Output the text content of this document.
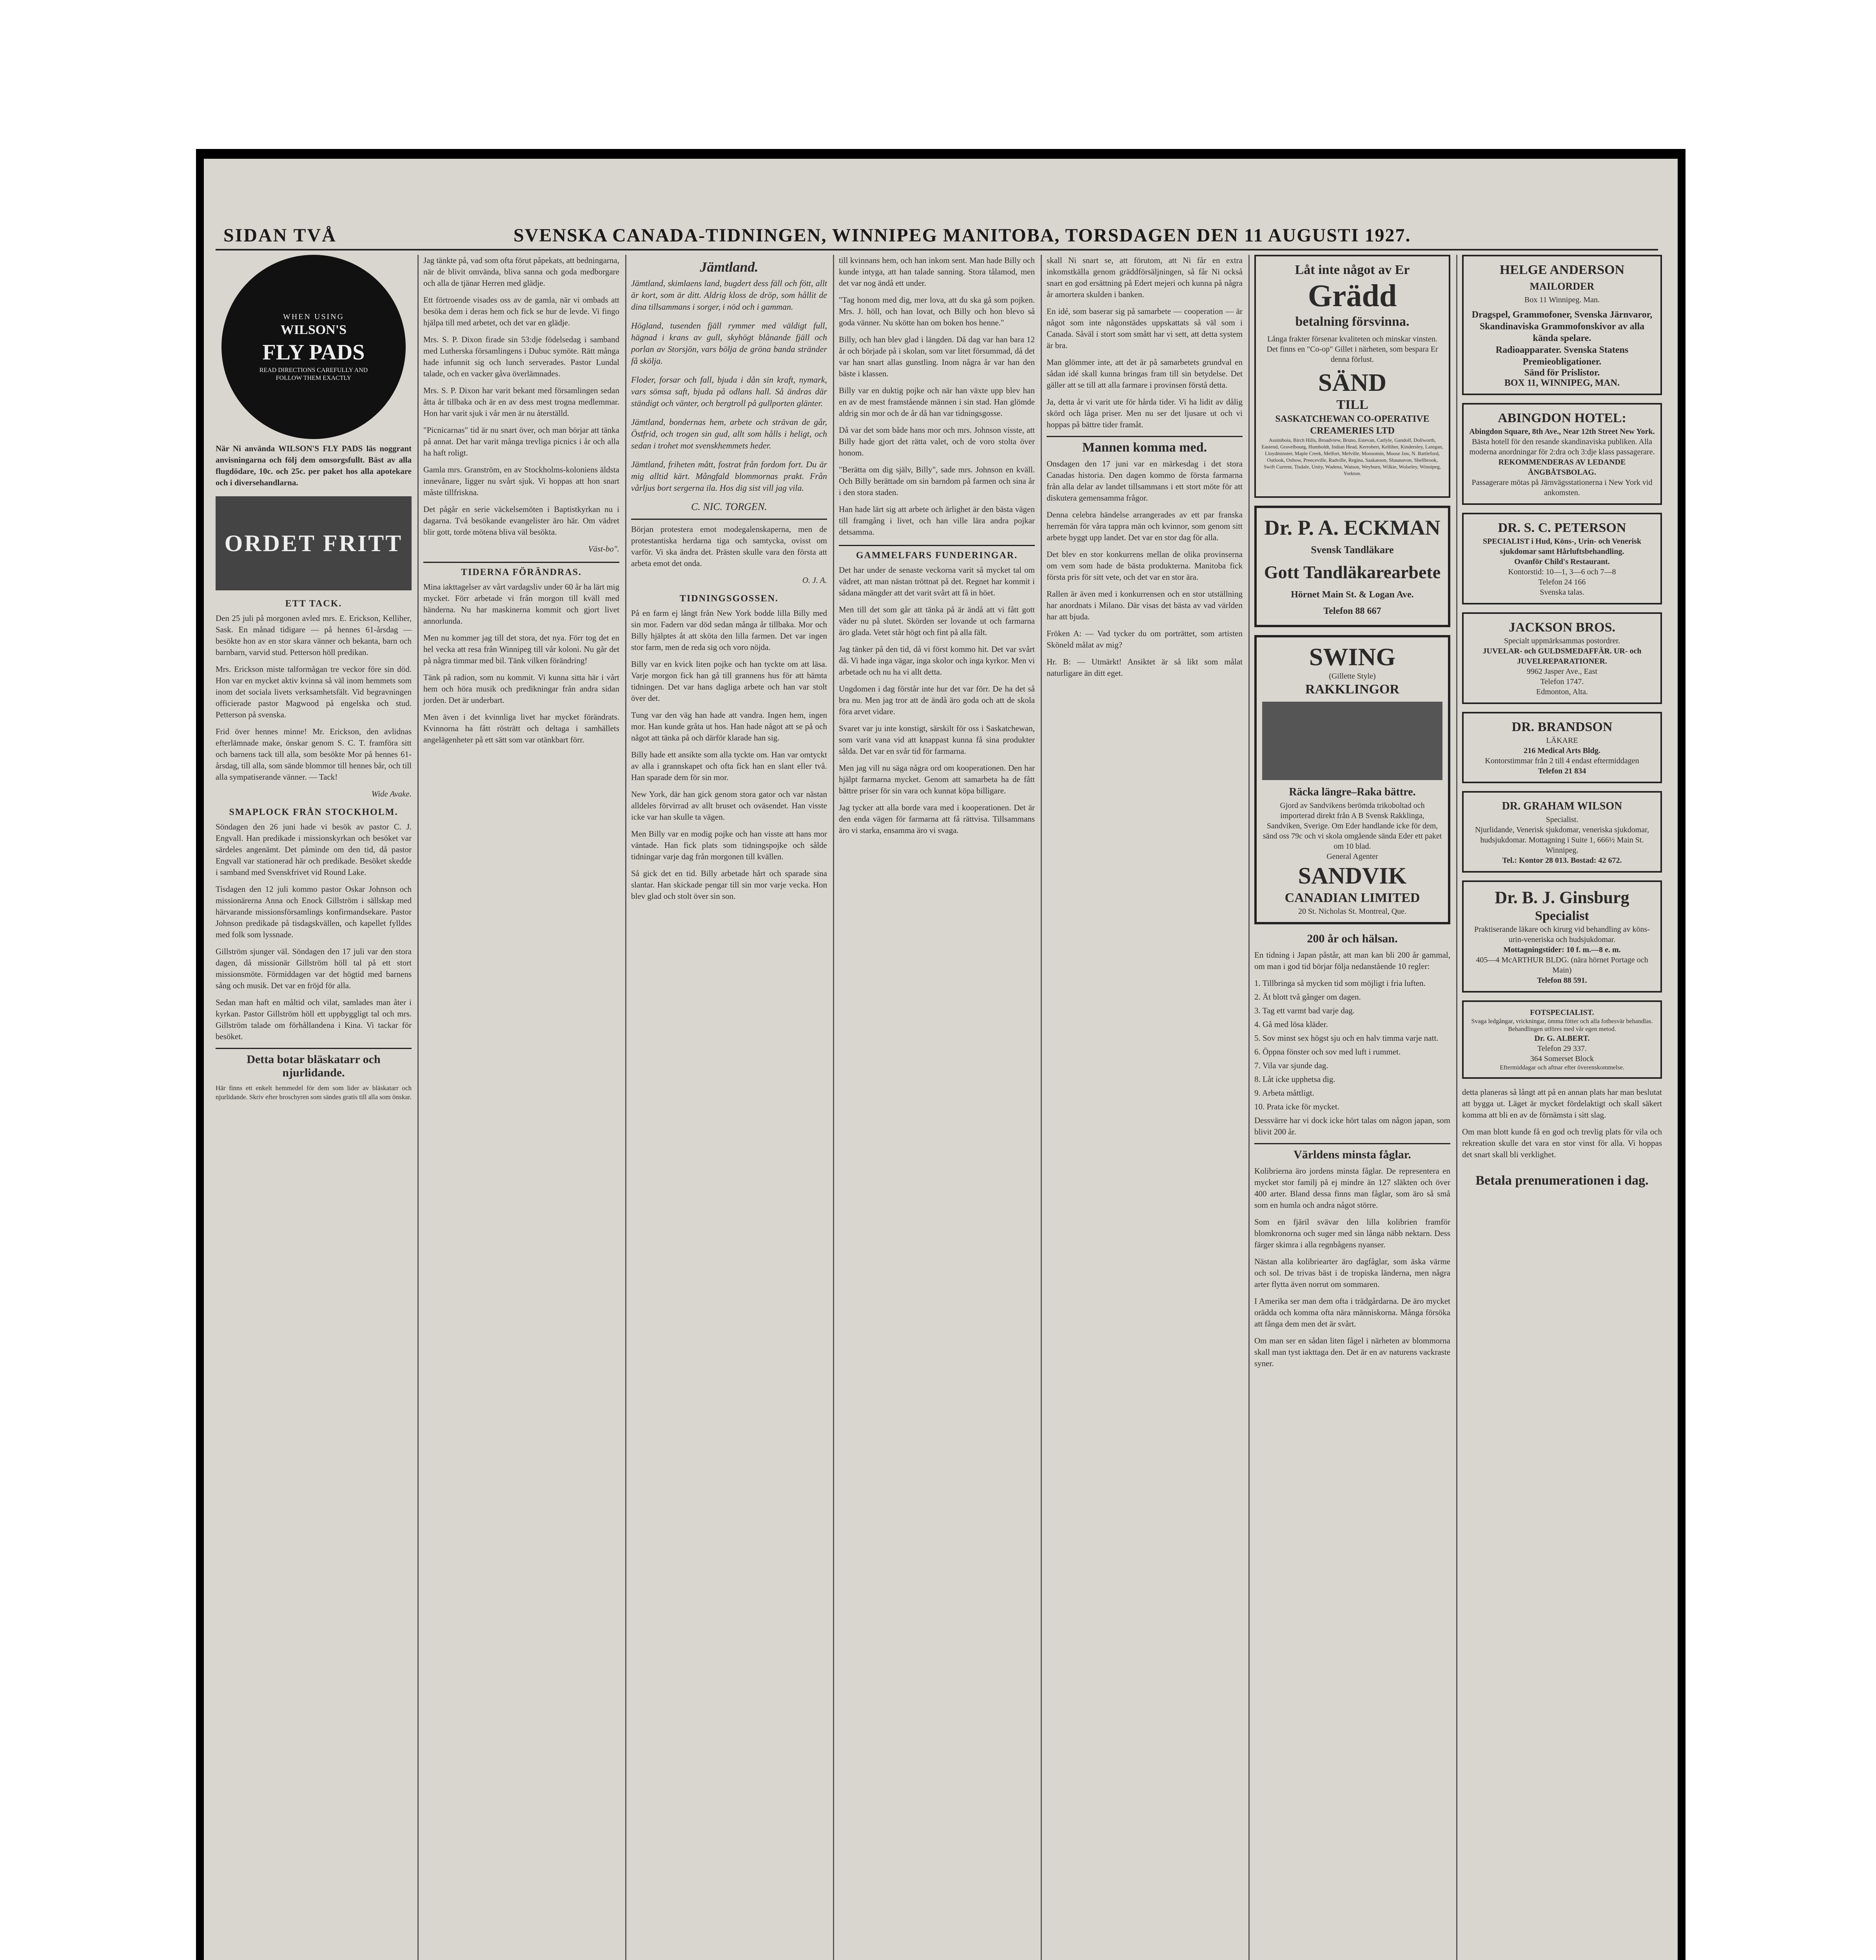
SIDAN TVÅ	SVENSKA CANADA-TIDNINGEN, WINNIPEG MANITOBA, TORSDAGEN DEN 11 AUGUSTI 1927.
WHEN USING
WILSON'S
FLY PADS
READ DIRECTIONS CAREFULLY AND FOLLOW THEM EXACTLY

När Ni använda WILSON'S FLY PADS läs noggrant anvisningarna och följ dem omsorgsfullt. Bäst av alla flugdödare, 10c. och 25c. per paket hos alla apotekare och i diversehandlarna.

ORDET FRITT
ETT TACK.

Den 25 juli på morgonen avled mrs. E. Erickson, Kelliher, Sask. En månad tidigare — på hennes 61-årsdag — besökte hon av en stor skara vänner och bekanta, barn och barnbarn, varvid stud. Petterson höll predikan.

Mrs. Erickson miste talformågan tre veckor före sin död. Hon var en mycket aktiv kvinna så väl inom hemmets som inom det sociala livets verksamhetsfält. Vid begravningen officierade pastor Magwood på engelska och stud. Petterson på svenska.

Frid över hennes minne! Mr. Erickson, den avlidnas efterlämnade make, önskar genom S. C. T. framföra sitt och barnens tack till alla, som besökte Mor på hennes 61-årsdag, till alla, som sände blommor till hennes bår, och till alla sympatiserande vänner. — Tack!

Wide Avake.

SMAPLOCK FRÅN STOCKHOLM.

Söndagen den 26 juni hade vi besök av pastor C. J. Engvall. Han predikade i missionskyrkan och besöket var särdeles angenämt. Det påminde om den tid, då pastor Engvall var stationerad här och predikade. Besöket skedde i samband med Svenskfrivet vid Round Lake.

Tisdagen den 12 juli kommo pastor Oskar Johnson och missionärerna Anna och Enock Gillström i sällskap med härvarande missionsförsamlings konfirmandsekare. Pastor Johnson predikade på tisdagskvällen, och kapellet fylldes med folk som lyssnade.

Gillström sjunger väl. Söndagen den 17 juli var den stora dagen, då missionär Gillström höll tal på ett stort missionsmöte. Förmiddagen var det högtid med barnens sång och musik. Det var en fröjd för alla.

Sedan man haft en måltid och vilat, samlades man åter i kyrkan. Pastor Gillström höll ett uppbyggligt tal och mrs. Gillström talade om förhållandena i Kina. Vi tackar för besöket.

Detta botar bläskatarr och njurlidande.

Här finns ett enkelt hemmedel för dem som lider av bläskatarr och njurlidande. Skriv efter broschyren som sändes gratis till alla som önskar.

Jag tänkte på, vad som ofta förut påpekats, att bedningarna, när de blivit omvända, bliva sanna och goda medborgare och alla de tjänar Herren med glädje.

Ett förtroende visades oss av de gamla, när vi ombads att besöka dem i deras hem och fick se hur de levde. Vi fingo hjälpa till med arbetet, och det var en glädje.

Mrs. S. P. Dixon firade sin 53:dje födelsedag i samband med Lutherska församlingens i Dubuc symöte. Rätt många hade infunnit sig och lunch serverades. Pastor Lundal talade, och en vacker gåva överlämnades.

Mrs. S. P. Dixon har varit bekant med församlingen sedan åtta år tillbaka och är en av dess mest trogna medlemmar. Hon har varit sjuk i vår men är nu återställd.

"Picnicarnas" tid är nu snart över, och man börjar att tänka på annat. Det har varit många trevliga picnics i år och alla ha haft roligt.

Gamla mrs. Granström, en av Stockholms-koloniens äldsta innevånare, ligger nu svårt sjuk. Vi hoppas att hon snart måste tillfriskna.

Det pågår en serie väckelsemöten i Baptistkyrkan nu i dagarna. Två besökande evangelister äro här. Om vädret blir gott, torde mötena bliva väl besökta.

Väst-bo".

TIDERNA FÖRÄNDRAS.

Mina iakttagelser av vårt vardagsliv under 60 år ha lärt mig mycket. Förr arbetade vi från morgon till kväll med händerna. Nu har maskinerna kommit och gjort livet annorlunda.

Men nu kommer jag till det stora, det nya. Förr tog det en hel vecka att resa från Winnipeg till vår koloni. Nu går det på några timmar med bil. Tänk vilken förändring!

Tänk på radion, som nu kommit. Vi kunna sitta här i vårt hem och höra musik och predikningar från andra sidan jorden. Det är underbart.

Men även i det kvinnliga livet har mycket förändrats. Kvinnorna ha fått rösträtt och deltaga i samhällets angelägenheter på ett sätt som var otänkbart förr.

Jämtland.

Jämtland, skimlaens land, bugdert dess fäll och fött, allt är kort, som är ditt. Aldrig kloss de dröp, som hållit de dina tillsammans i sorger, i nöd och i gamman.

Högland, tusenden fjäll rymmer med väldigt full, hägnad i krans av gull, skyhögt blånande fjäll och porlan av Storsjön, vars bölja de gröna banda stränder få skölja.

Floder, forsar och fall, bjuda i dån sin kraft, nymark, vars sömsa saft, bjuda på odlans hall. Så ändras där ständigt och vänter, och bergtroll på gullporten glänter.

Jämtland, bondernas hem, arbete och strävan de går, Östfrid, och trogen sin gud, allt som hålls i heligt, och sedan i trohet mot svenskhemmets heder.

Jämtland, friheten mått, fostrat från fordom fort. Du är mig alltid kärt. Mångfald blommornas prakt. Från vårljus bort sergerna ila. Hos dig sist vill jag vila.

C. NIC. TORGEN.

Början protestera emot modegalenskaperna, men de protestantiska herdarna tiga och samtycka, ovisst om varför. Vi ska ändra det. Prästen skulle vara den första att arbeta emot det onda.

O. J. A.

TIDNINGSGOSSEN.

På en farm ej långt från New York bodde lilla Billy med sin mor. Fadern var död sedan många år tillbaka. Mor och Billy hjälptes åt att sköta den lilla farmen. Det var ingen stor farm, men de reda sig och voro nöjda.

Billy var en kvick liten pojke och han tyckte om att läsa. Varje morgon fick han gå till grannens hus för att hämta tidningen. Det var hans dagliga arbete och han var stolt över det.

Tung var den väg han hade att vandra. Ingen hem, ingen mor. Han kunde gråta ut hos. Han hade något att se på och något att tänka på och därför klarade han sig.

Billy hade ett ansikte som alla tyckte om. Han var omtyckt av alla i grannskapet och ofta fick han en slant eller två. Han sparade dem för sin mor.

New York, där han gick genom stora gator och var nästan alldeles förvirrad av allt bruset och oväsendet. Han visste icke var han skulle ta vägen.

Men Billy var en modig pojke och han visste att hans mor väntade. Han fick plats som tidningspojke och sålde tidningar varje dag från morgonen till kvällen.

Så gick det en tid. Billy arbetade hårt och sparade sina slantar. Han skickade pengar till sin mor varje vecka. Hon blev glad och stolt över sin son.

till kvinnans hem, och han inkom sent. Man hade Billy och kunde intyga, att han talade sanning. Stora tålamod, men det var nog ändå ett under.

"Tag honom med dig, mer lova, att du ska gå som pojken. Mrs. J. höll, och han lovat, och Billy och hon blevo så goda vänner. Nu skötte han om boken hos henne."

Billy, och han blev glad i längden. Då dag var han bara 12 år och började på i skolan, som var litet försummad, då det var han snart allas gunstling. Inom några år var han den bäste i klassen.

Billy var en duktig pojke och när han växte upp blev han en av de mest framstående männen i sin stad. Han glömde aldrig sin mor och de år då han var tidningsgosse.

Då var det som både hans mor och mrs. Johnson visste, att Billy hade gjort det rätta valet, och de voro stolta över honom.

"Berätta om dig själv, Billy", sade mrs. Johnson en kväll. Och Billy berättade om sin barndom på farmen och sina år i den stora staden.

Han hade lärt sig att arbete och ärlighet är den bästa vägen till framgång i livet, och han ville lära andra pojkar detsamma.

GAMMELFARS FUNDERINGAR.

Det har under de senaste veckorna varit så mycket tal om vädret, att man nästan tröttnat på det. Regnet har kommit i sådana mängder att det varit svårt att få in höet.

Men till det som går att tänka på är ändå att vi fått gott väder nu på slutet. Skörden ser lovande ut och farmarna äro glada. Vetet står högt och fint på alla fält.

Jag tänker på den tid, då vi först kommo hit. Det var svårt då. Vi hade inga vägar, inga skolor och inga kyrkor. Men vi arbetade och nu ha vi allt detta.

Ungdomen i dag förstår inte hur det var förr. De ha det så bra nu. Men jag tror att de ändå äro goda och att de skola föra arvet vidare.

Svaret var ju inte konstigt, särskilt för oss i Saskatchewan, som varit vana vid att knappast kunna få sina produkter sålda. Det var en svår tid för farmarna.

Men jag vill nu säga några ord om kooperationen. Den har hjälpt farmarna mycket. Genom att samarbeta ha de fått bättre priser för sin vara och kunnat köpa billigare.

Jag tycker att alla borde vara med i kooperationen. Det är den enda vägen för farmarna att få rättvisa. Tillsammans äro vi starka, ensamma äro vi svaga.

skall Ni snart se, att förutom, att Ni får en extra inkomstkälla genom gräddförsäljningen, så får Ni också snart en god ersättning på Edert mejeri och kunna på några år amortera skulden i banken.

En idé, som baserar sig på samarbete — cooperation — är något som inte någonstädes uppskattats så väl som i Canada. Såväl i stort som smått har vi sett, att detta system är bra.

Man glömmer inte, att det är på samarbetets grundval en sådan idé skall kunna bringas fram till sin betydelse. Det gäller att se till att alla farmare i provinsen förstå detta.

Ja, detta år vi varit ute för hårda tider. Vi ha lidit av dålig skörd och låga priser. Men nu ser det ljusare ut och vi hoppas på bättre tider framåt.

Mannen komma med.

Onsdagen den 17 juni var en märkesdag i det stora Canadas historia. Den dagen kommo de första farmarna från alla delar av landet tillsammans i ett stort möte för att diskutera gemensamma frågor.

Denna celebra händelse arrangerades av ett par franska herremän för våra tappra män och kvinnor, som genom sitt arbete byggt upp landet. Det var en stor dag för alla.

Det blev en stor konkurrens mellan de olika provinserna om vem som hade de bästa produkterna. Manitoba fick första pris för sitt vete, och det var en stor ära.

Rallen är även med i konkurrensen och en stor utställning har anordnats i Milano. Där visas det bästa av vad världen har att bjuda.

Fröken A: — Vad tycker du om porträttet, som artisten Sköneld målat av mig?

Hr. B: — Utmärkt! Ansiktet är så likt som målat naturligare än ditt eget.

Låt inte något av Er
Grädd
betalning försvinna.
Långa frakter försenar kvaliteten och minskar vinsten. Det finns en "Co-op" Gillet i närheten, som bespara Er denna förlust.
SÄND
TILL
SASKATCHEWAN CO-OPERATIVE CREAMERIES LTD
Assiniboia, Birch Hills, Broadview, Bruno, Estevan, Carlyle, Gandolf, Dollworth, Eastend, Gravelbourg, Humboldt, Indian Head, Kerrobert, Kelliher, Kindersley, Lanigan, Lloydminster, Maple Creek, Melfort, Melville, Moosomin, Moose Jaw, N. Battleford, Outlook, Oxbow, Preeceville, Radville, Regina, Saskatoon, Shaunavon, Shellbrook, Swift Current, Tisdale, Unity, Wadena, Watson, Weyburn, Wilkie, Wolseley, Winnipeg, Yorkton.
Dr. P. A. ECKMAN
Svensk Tandläkare
Gott Tandläkarearbete
Hörnet Main St. & Logan Ave.
Telefon 88 667
SWING
(Gillette Style)
RAKKLINGOR
Räcka längre–Raka bättre.
Gjord av Sandvikens berömda trikoboltad och importerad direkt från A B Svensk Rakklinga, Sandviken, Sverige. Om Eder handlande icke för dem, sänd oss 79c och vi skola omgående sända Eder ett paket om 10 blad.
General Agenter
SANDVIK
CANADIAN LIMITED
20 St. Nicholas St. Montreal, Que.
200 år och hälsan.

En tidning i Japan påstår, att man kan bli 200 år gammal, om man i god tid börjar följa nedanstående 10 regler:

1. Tillbringa så mycken tid som möjligt i fria luften.
2. Ät blott två gånger om dagen.
3. Tag ett varmt bad varje dag.
4. Gå med lösa kläder.
5. Sov minst sex högst sju och en halv timma varje natt.
6. Öppna fönster och sov med luft i rummet.
7. Vila var sjunde dag.
8. Låt icke upphetsa dig.
9. Arbeta måttligt.
10. Prata icke för mycket.

Dessvärre har vi dock icke hört talas om någon japan, som blivit 200 år.

Världens minsta fåglar.

Kolibrierna äro jordens minsta fåglar. De representera en mycket stor familj på ej mindre än 127 släkten och över 400 arter. Bland dessa finns man fåglar, som äro så små som en humla och andra något större.

Som en fjäril svävar den lilla kolibrien framför blomkronorna och suger med sin långa näbb nektarn. Dess färger skimra i alla regnbågens nyanser.

Nästan alla kolibriearter äro dagfåglar, som äska värme och sol. De trivas bäst i de tropiska länderna, men några arter flytta även norrut om sommaren.

I Amerika ser man dem ofta i trädgårdarna. De äro mycket orädda och komma ofta nära människorna. Många försöka att fånga dem men det är svårt.

Om man ser en sådan liten fågel i närheten av blommorna skall man tyst iakttaga den. Det är en av naturens vackraste syner.

HELGE ANDERSON
MAILORDER
Box 11 Winnipeg. Man.
Dragspel, Grammofoner, Svenska Järnvaror, Skandinaviska Grammofonskivor av alla kända spelare.
Radioapparater. Svenska Statens Premieobligationer.
Sänd för Prislistor.
BOX 11, WINNIPEG, MAN.
ABINGDON HOTEL:
Abingdon Square, 8th Ave., Near 12th Street New York.
Bästa hotell för den resande skandinaviska publiken. Alla moderna anordningar för 2:dra och 3:dje klass passagerare.
REKOMMENDERAS AV LEDANDE ÅNGBÅTSBOLAG.
Passagerare mötas på Järnvägsstationerna i New York vid ankomsten.
DR. S. C. PETERSON
SPECIALIST i Hud, Köns-, Urin- och Venerisk sjukdomar samt Hårluftsbehandling.
Ovanför Child's Restaurant.
Kontorstid: 10—1, 3—6 och 7—8
Telefon 24 166
Svenska talas.
JACKSON BROS.
Specialt uppmärksammas postordrer.
JUVELAR- och GULDSMEDAFFÄR. UR- och JUVELREPARATIONER.
9962 Jasper Ave., East
Telefon 1747.
Edmonton, Alta.
DR. BRANDSON
LÄKARE
216 Medical Arts Bldg.
Kontorstimmar från 2 till 4 endast eftermiddagen
Telefon 21 834
DR. GRAHAM WILSON
Specialist.
Njurlidande, Venerisk sjukdomar, veneriska sjukdomar, hudsjukdomar. Mottagning i Suite 1, 666½ Main St. Winnipeg.
Tel.: Kontor 28 013. Bostad: 42 672.
Dr. B. J. Ginsburg
Specialist
Praktiserande läkare och kirurg vid behandling av köns-urin-veneriska och hudsjukdomar.
Mottagningstider: 10 f. m.—8 e. m.
405—4 McARTHUR BLDG. (nära hörnet Portage och Main)
Telefon 88 591.
FOTSPECIALIST.
Svaga ledgångar, vrickningar, ömma fötter och alla fotbesvär behandlas. Behandlingen utföres med vår egen metod.
Dr. G. ALBERT.
Telefon 29 337.
364 Somerset Block
Eftermiddagar och aftnar efter överenskommelse.

detta planeras så långt att på en annan plats har man beslutat att bygga ut. Läget är mycket fördelaktigt och skall säkert komma att bli en av de förnämsta i sitt slag.

Om man blott kunde få en god och trevlig plats för vila och rekreation skulle det vara en stor vinst för alla. Vi hoppas det snart skall bli verklighet.

Betala prenumerationen i dag.
